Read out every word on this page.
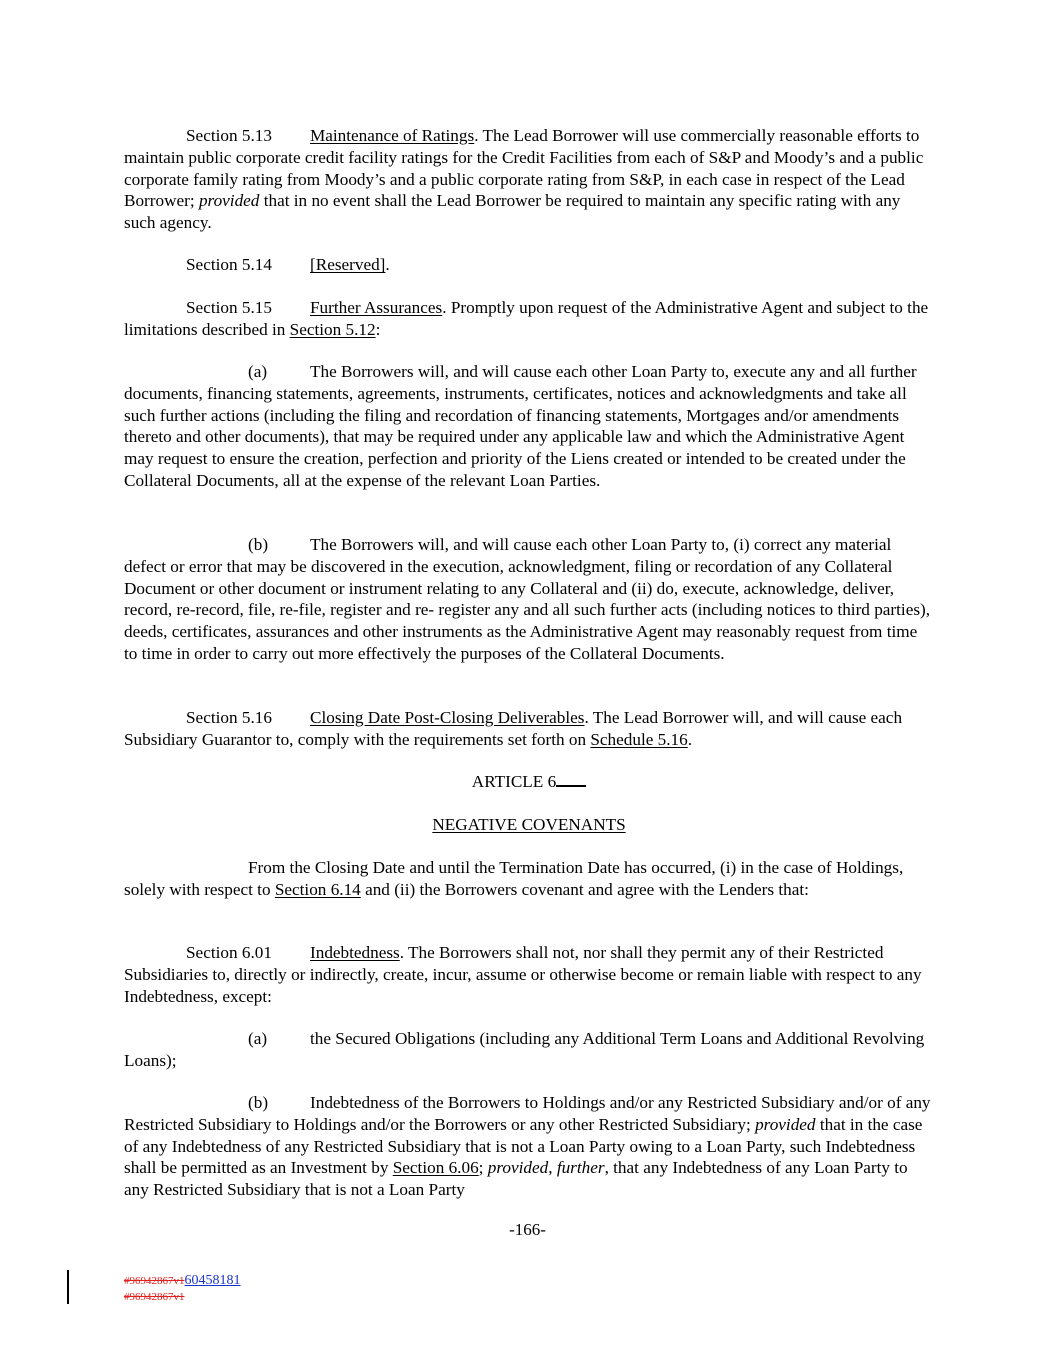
Section 5.13 Maintenance of Ratings. The Lead Borrower will use commercially reasonable efforts to maintain public corporate credit facility ratings for the Credit Facilities from each of S&P and Moody’s and a public corporate family rating from Moody’s and a public corporate rating from S&P, in each case in respect of the Lead Borrower; provided that in no event shall the Lead Borrower be required to maintain any specific rating with any such agency.

Section 5.14 [Reserved].

Section 5.15 Further Assurances. Promptly upon request of the Administrative Agent and subject to the limitations described in Section 5.12:

(a) The Borrowers will, and will cause each other Loan Party to, execute any and all further documents, financing statements, agreements, instruments, certificates, notices and acknowledgments and take all such further actions (including the filing and recordation of financing statements, Mortgages and/or amendments thereto and other documents), that may be required under any applicable law and which the Administrative Agent may request to ensure the creation, perfection and priority of the Liens created or intended to be created under the Collateral Documents, all at the expense of the relevant Loan Parties.

(b) The Borrowers will, and will cause each other Loan Party to, (i) correct any material defect or error that may be discovered in the execution, acknowledgment, filing or recordation of any Collateral Document or other document or instrument relating to any Collateral and (ii) do, execute, acknowledge, deliver, record, re-record, file, re-file, register and re- register any and all such further acts (including notices to third parties), deeds, certificates, assurances and other instruments as the Administrative Agent may reasonably request from time to time in order to carry out more effectively the purposes of the Collateral Documents.

Section 5.16 Closing Date Post-Closing Deliverables. The Lead Borrower will, and will cause each Subsidiary Guarantor to, comply with the requirements set forth on Schedule 5.16.

ARTICLE 6

NEGATIVE COVENANTS

From the Closing Date and until the Termination Date has occurred, (i) in the case of Holdings, solely with respect to Section 6.14 and (ii) the Borrowers covenant and agree with the Lenders that:

Section 6.01 Indebtedness. The Borrowers shall not, nor shall they permit any of their Restricted Subsidiaries to, directly or indirectly, create, incur, assume or otherwise become or remain liable with respect to any Indebtedness, except:

(a) the Secured Obligations (including any Additional Term Loans and Additional Revolving Loans);

(b) Indebtedness of the Borrowers to Holdings and/or any Restricted Subsidiary and/or of any Restricted Subsidiary to Holdings and/or the Borrowers or any other Restricted Subsidiary; provided that in the case of any Indebtedness of any Restricted Subsidiary that is not a Loan Party owing to a Loan Party, such Indebtedness shall be permitted as an Investment by Section 6.06; provided, further, that any Indebtedness of any Loan Party to any Restricted Subsidiary that is not a Loan Party

-166-
#96942867v160458181
#96942867v1
